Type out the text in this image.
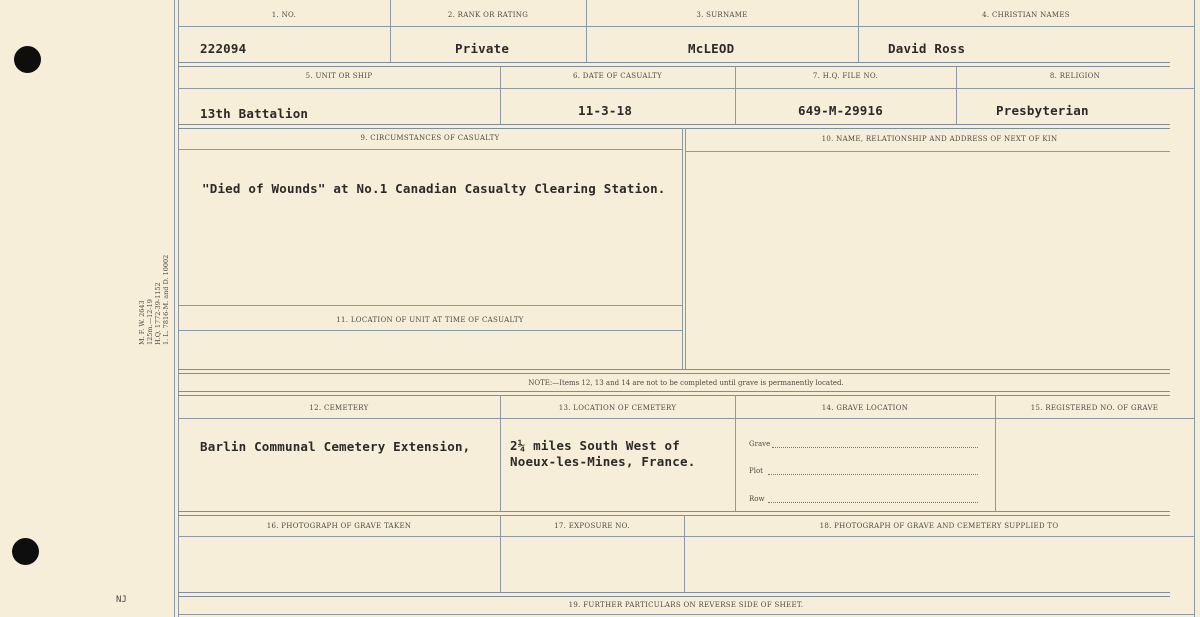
M. F. W. 2643 125m.—12-19 H.Q. 1772-39-1152 1. L. 7816-M. and D. 10002
NJ
1. NO.	2. RANK OR RATING	3. SURNAME	4. CHRISTIAN NAMES
222094	Private	McLEOD	David Ross
5. UNIT OR SHIP	6. DATE OF CASUALTY	7. H.Q. FILE NO.	8. RELIGION
13th Battalion	11-3-18	649-M-29916	Presbyterian
9. CIRCUMSTANCES OF CASUALTY	10. NAME, RELATIONSHIP AND ADDRESS OF NEXT OF KIN
11. LOCATION OF UNIT AT TIME OF CASUALTY
"Died of Wounds" at No.1 Canadian Casualty Clearing Station.
NOTE:—Items 12, 13 and 14 are not to be completed until grave is permanently located.
12. CEMETERY	13. LOCATION OF CEMETERY	14. GRAVE LOCATION	15. REGISTERED NO. OF GRAVE
Barlin Communal Cemetery Extension,	2¼ miles South West of
Noeux-les-Mines, France.
Grave
Plot
Row
16. PHOTOGRAPH OF GRAVE TAKEN	17. EXPOSURE NO.	18. PHOTOGRAPH OF GRAVE AND CEMETERY SUPPLIED TO
19. FURTHER PARTICULARS ON REVERSE SIDE OF SHEET.
